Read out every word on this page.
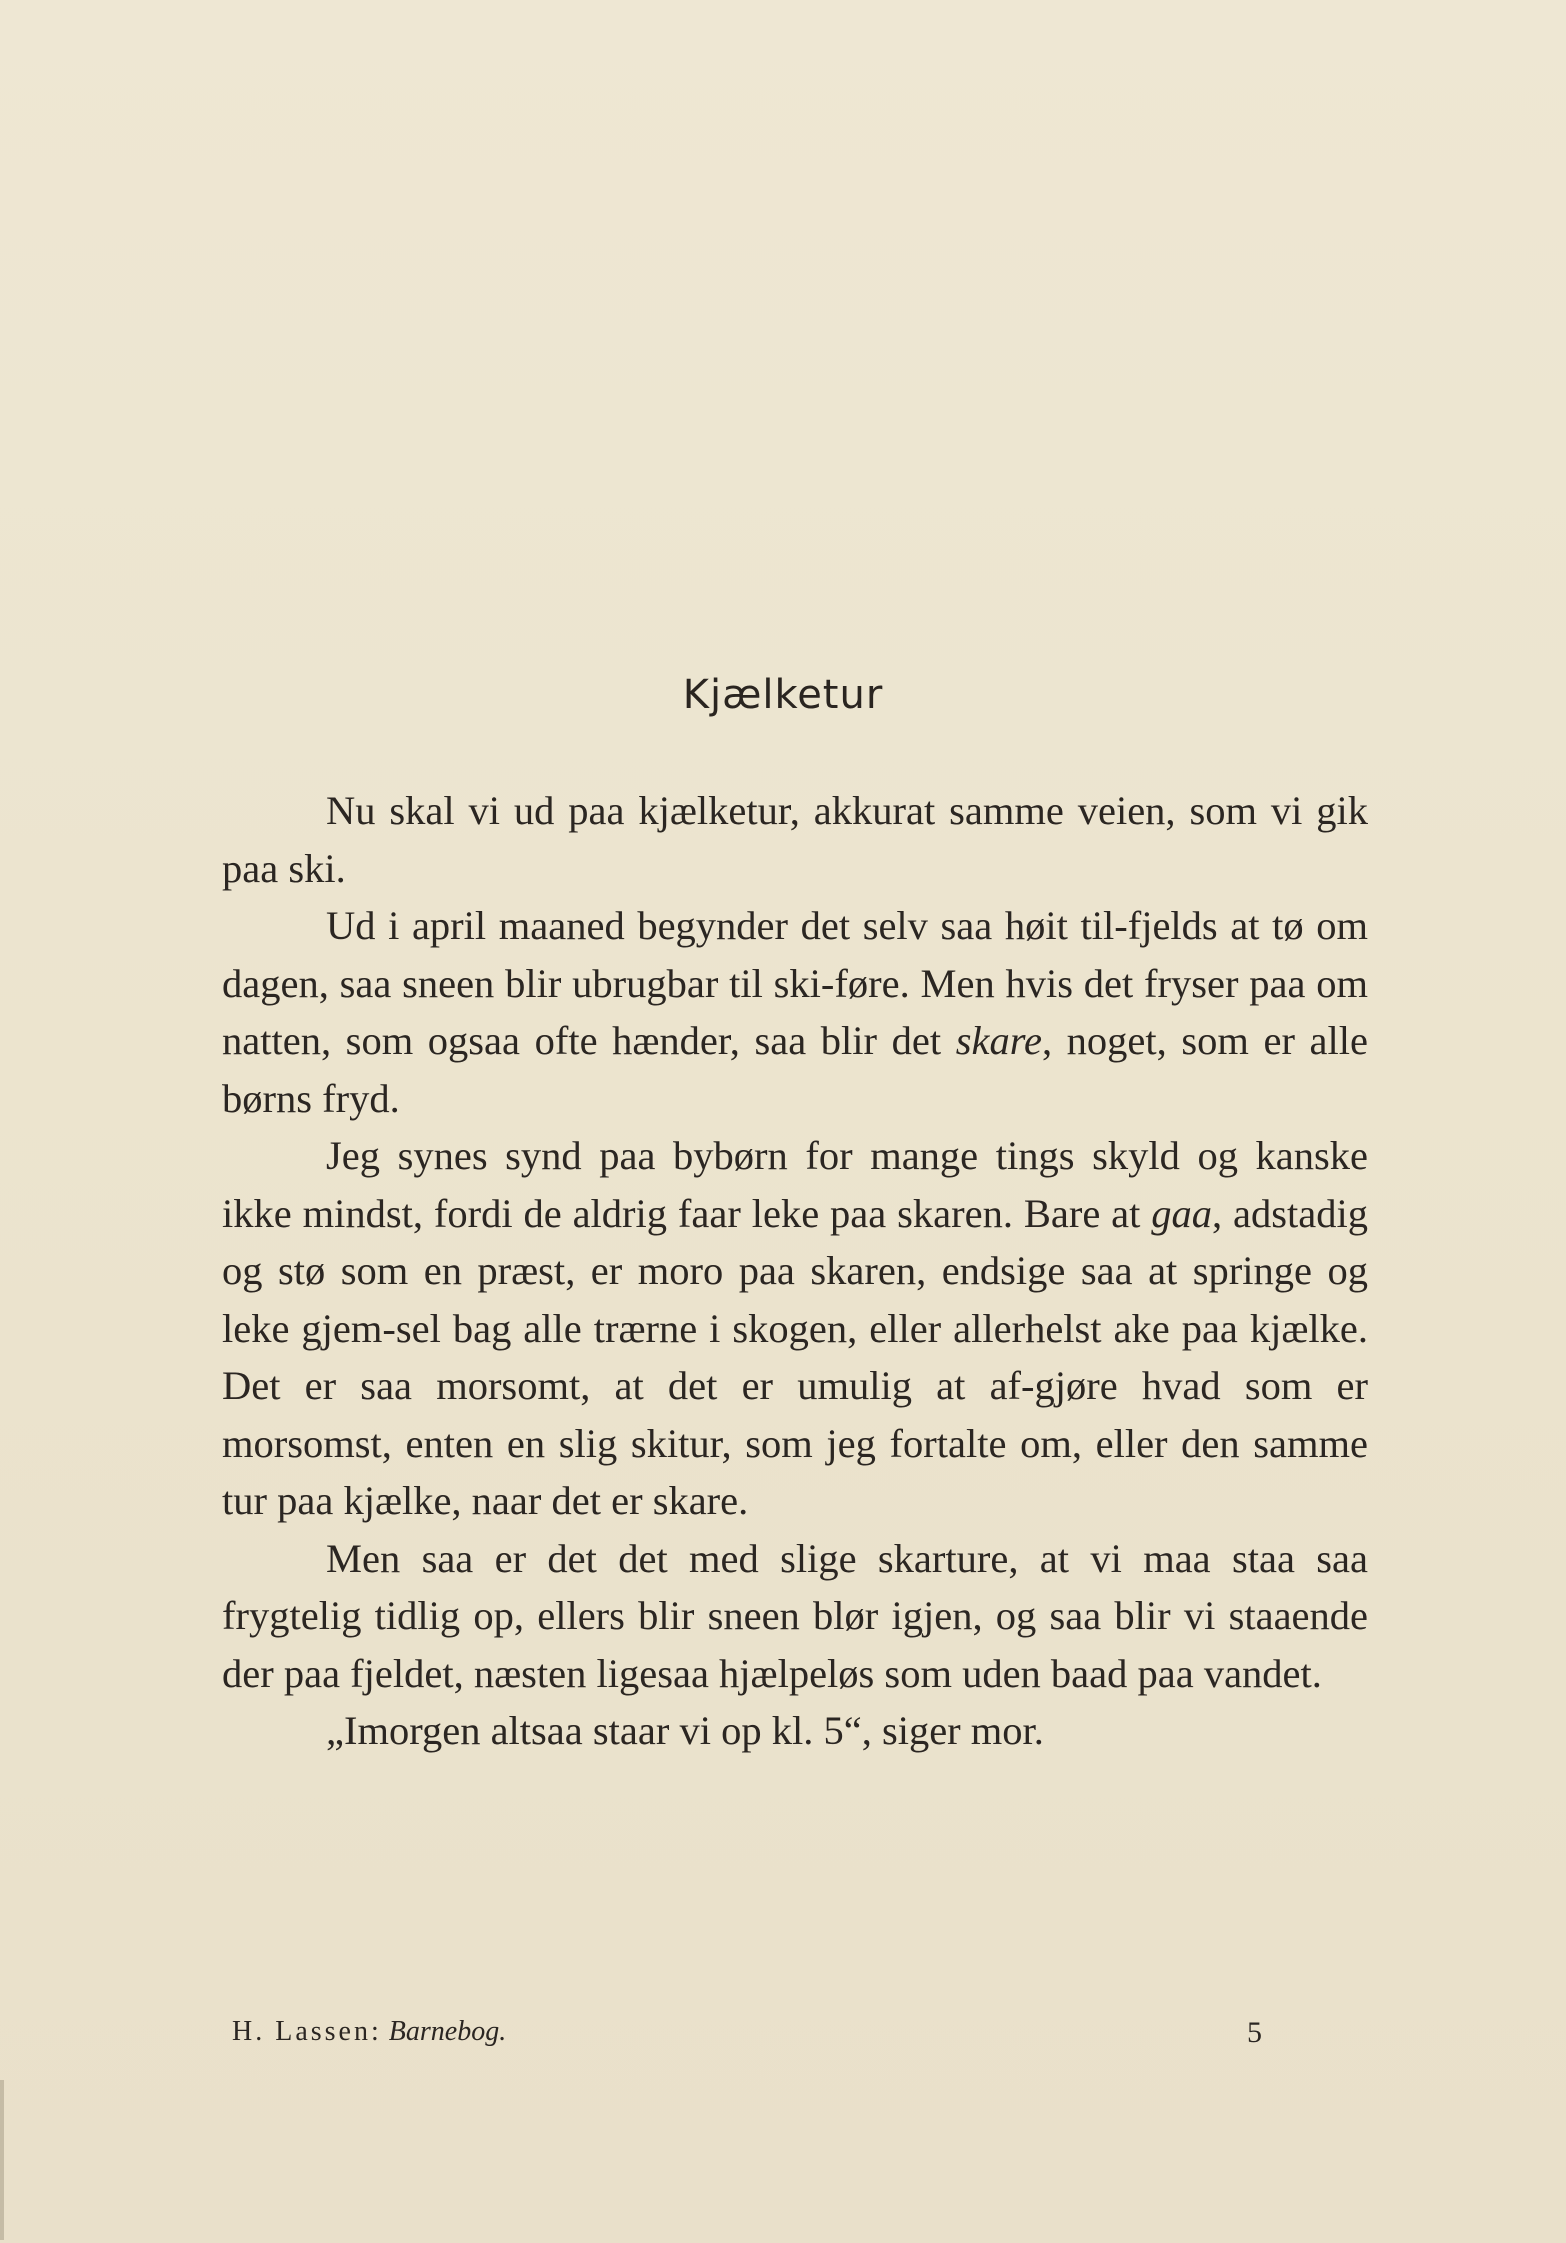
Kjælketur

Nu skal vi ud paa kjælketur, akkurat samme veien, som vi gik paa ski.

Ud i april maaned begynder det selv saa høit til-fjelds at tø om dagen, saa sneen blir ubrugbar til ski-føre. Men hvis det fryser paa om natten, som ogsaa ofte hænder, saa blir det skare, noget, som er alle børns fryd.

Jeg synes synd paa bybørn for mange tings skyld og kanske ikke mindst, fordi de aldrig faar leke paa skaren. Bare at gaa, adstadig og stø som en præst, er moro paa skaren, endsige saa at springe og leke gjem-sel bag alle trærne i skogen, eller allerhelst ake paa kjælke. Det er saa morsomt, at det er umulig at af-gjøre hvad som er morsomst, enten en slig skitur, som jeg fortalte om, eller den samme tur paa kjælke, naar det er skare.

Men saa er det det med slige skarture, at vi maa staa saa frygtelig tidlig op, ellers blir sneen blør igjen, og saa blir vi staaende der paa fjeldet, næsten ligesaa hjælpeløs som uden baad paa vandet.

„Imorgen altsaa staar vi op kl. 5“, siger mor.

H. Lassen: Barnebog.	5
